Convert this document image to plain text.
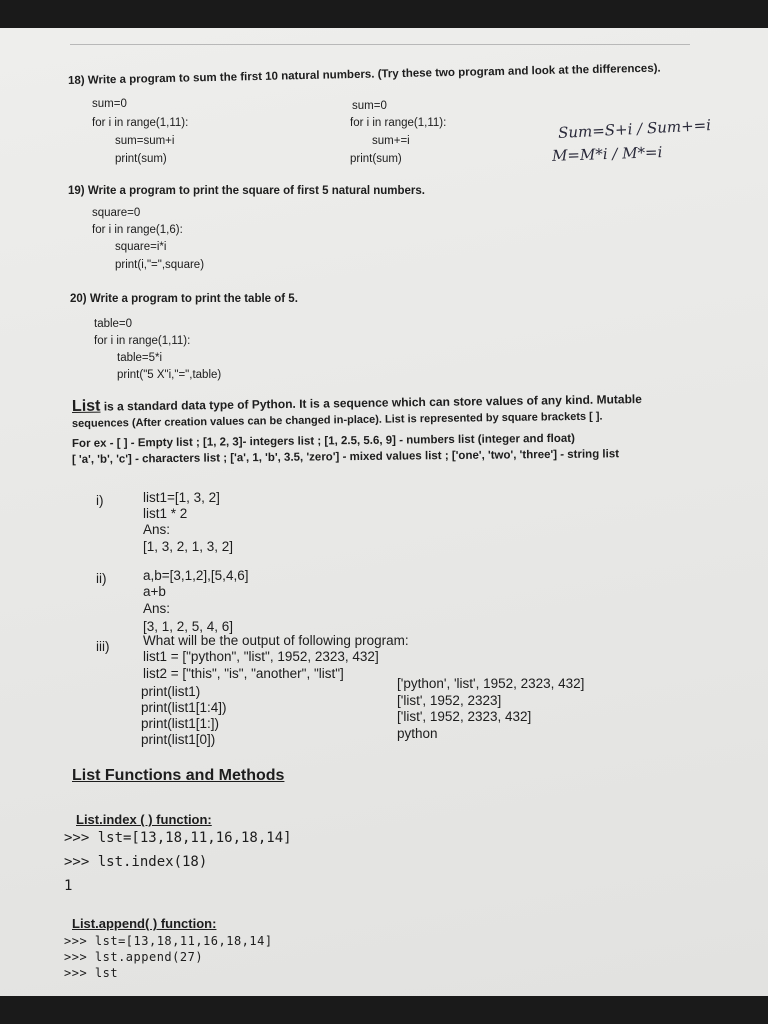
18) Write a program to sum the first 10 natural numbers. (Try these two program and look at the differences).
sum=0
for i in range(1,11):
sum=sum+i
print(sum)
sum=0
for i in range(1,11):
sum+=i
print(sum)
Sum=S+i / Sum+=i
M=M*i / M*=i
19) Write a program to print the square of first 5 natural numbers.
square=0
for i in range(1,6):
square=i*i
print(i,"=",square)
20) Write a program to print the table of 5.
table=0
for i in range(1,11):
table=5*i
print("5 X"i,"=",table)
List is a standard data type of Python. It is a sequence which can store values of any kind. Mutable
sequences (After creation values can be changed in-place). List is represented by square brackets [ ].
For ex - [ ] - Empty list ; [1, 2, 3]- integers list ; [1, 2.5, 5.6, 9] - numbers list (integer and float)
[ 'a', 'b', 'c'] - characters list ; ['a', 1, 'b', 3.5, 'zero'] - mixed values list ; ['one', 'two', 'three'] - string list
i)	list1=[1, 3, 2]
list1 * 2
Ans:
[1, 3, 2, 1, 3, 2]
ii)	a,b=[3,1,2],[5,4,6]
a+b
Ans:
[3, 1, 2, 5, 4, 6]
iii) What will be the output of following program:
list1 = ["python", "list", 1952, 2323, 432]
list2 = ["this", "is", "another", "list"]
print(list1)
print(list1[1:4])
print(list1[1:])
print(list1[0])
['python', 'list', 1952, 2323, 432]
['list', 1952, 2323]
['list', 1952, 2323, 432]
python
List Functions and Methods
List.index ( ) function:
>>> lst=[13,18,11,16,18,14]
>>> lst.index(18)
1
List.append( ) function:
>>> lst=[13,18,11,16,18,14]
>>> lst.append(27)
>>> lst
